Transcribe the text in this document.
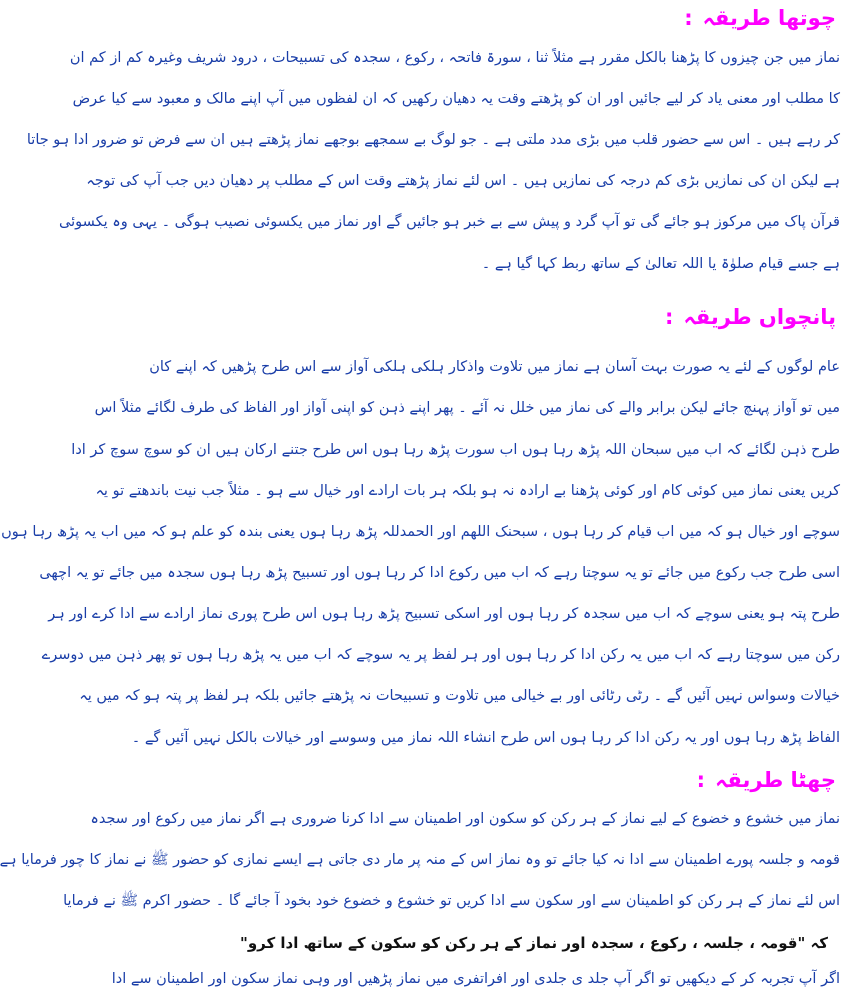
چوتھا طریقہ:
نماز میں جن چیزوں کا پڑھنا بالکل مقرر ہے مثلاً ثنا ، سورۃ فاتحہ ، رکوع ، سجدہ کی تسبیحات ، درود شریف وغیرہ کم از کم ان
کا مطلب اور معنی یاد کر لیے جائیں اور ان کو پڑھتے وقت یہ دھیان رکھیں کہ ان لفظوں میں آپ اپنے مالک و معبود سے کیا عرض
کر رہے ہیں ۔ اس سے حضور قلب میں بڑی مدد ملتی ہے ۔ جو لوگ بے سمجھے بوجھے نماز پڑھتے ہیں ان سے فرض تو ضرور ادا ہو جاتا
ہے لیکن ان کی نمازیں بڑی کم درجہ کی نمازیں ہیں ۔ اس لئے نماز پڑھتے وقت اس کے مطلب پر دھیان دیں جب آپ کی توجہ
قرآن پاک میں مرکوز ہو جائے گی تو آپ گرد و پیش سے بے خبر ہو جائیں گے اور نماز میں یکسوئی نصیب ہوگی ۔ یہی وہ یکسوئی
ہے جسے قیام صلوٰۃ یا اللہ تعالیٰ کے ساتھ ربط کہا گیا ہے ۔
پانچواں طریقہ:
عام لوگوں کے لئے یہ صورت بہت آسان ہے نماز میں تلاوت واذکار ہلکی ہلکی آواز سے اس طرح پڑھیں کہ اپنے کان
میں تو آواز پہنچ جائے لیکن برابر والے کی نماز میں خلل نہ آئے ۔ پھر اپنے ذہن کو اپنی آواز اور الفاظ کی طرف لگائے مثلاً اس
طرح ذہن لگائے کہ اب میں سبحان اللہ پڑھ رہا ہوں اب سورت پڑھ رہا ہوں اس طرح جتنے ارکان ہیں ان کو سوچ سوچ کر ادا
کریں یعنی نماز میں کوئی کام اور کوئی پڑھنا بے ارادہ نہ ہو بلکہ ہر بات ارادے اور خیال سے ہو ۔ مثلاً جب نیت باندھتے تو یہ
سوچے اور خیال ہو کہ میں اب قیام کر رہا ہوں ، سبحنک اللھم اور الحمدللہ پڑھ رہا ہوں یعنی بندہ کو علم ہو کہ میں اب یہ پڑھ رہا ہوں
اسی طرح جب رکوع میں جائے تو یہ سوچتا رہے کہ اب میں رکوع ادا کر رہا ہوں اور تسبیح پڑھ رہا ہوں سجدہ میں جائے تو یہ اچھی
طرح پتہ ہو یعنی سوچے کہ اب میں سجدہ کر رہا ہوں اور اسکی تسبیح پڑھ رہا ہوں اس طرح پوری نماز ارادے سے ادا کرے اور ہر
رکن میں سوچتا رہے کہ اب میں یہ رکن ادا کر رہا ہوں اور ہر لفظ پر یہ سوچے کہ اب میں یہ پڑھ رہا ہوں تو پھر ذہن میں دوسرے
خیالات وسواس نہیں آئیں گے ۔ رٹی رٹائی اور بے خیالی میں تلاوت و تسبیحات نہ پڑھتے جائیں بلکہ ہر لفظ پر پتہ ہو کہ میں یہ
الفاظ پڑھ رہا ہوں اور یہ رکن ادا کر رہا ہوں اس طرح انشاء اللہ نماز میں وسوسے اور خیالات بالکل نہیں آئیں گے ۔
چھٹا طریقہ:
نماز میں خشوع و خضوع کے لیے نماز کے ہر رکن کو سکون اور اطمینان سے ادا کرنا ضروری ہے اگر نماز میں رکوع اور سجدہ
قومہ و جلسہ پورے اطمینان سے ادا نہ کیا جائے تو وہ نماز اس کے منہ پر مار دی جاتی ہے ایسے نمازی کو حضور ﷺ نے نماز کا چور فرمایا ہے
اس لئے نماز کے ہر رکن کو اطمینان سے اور سکون سے ادا کریں تو خشوع و خضوع خود بخود آ جائے گا ۔ حضور اکرم ﷺ نے فرمایا
کہ "قومہ ، جلسہ ، رکوع ، سجدہ اور نماز کے ہر رکن کو سکون کے ساتھ ادا کرو"
اگر آپ تجربہ کر کے دیکھیں تو اگر آپ جلد ی جلدی اور افراتفری میں نماز پڑھیں اور وہی نماز سکون اور اطمینان سے ادا
